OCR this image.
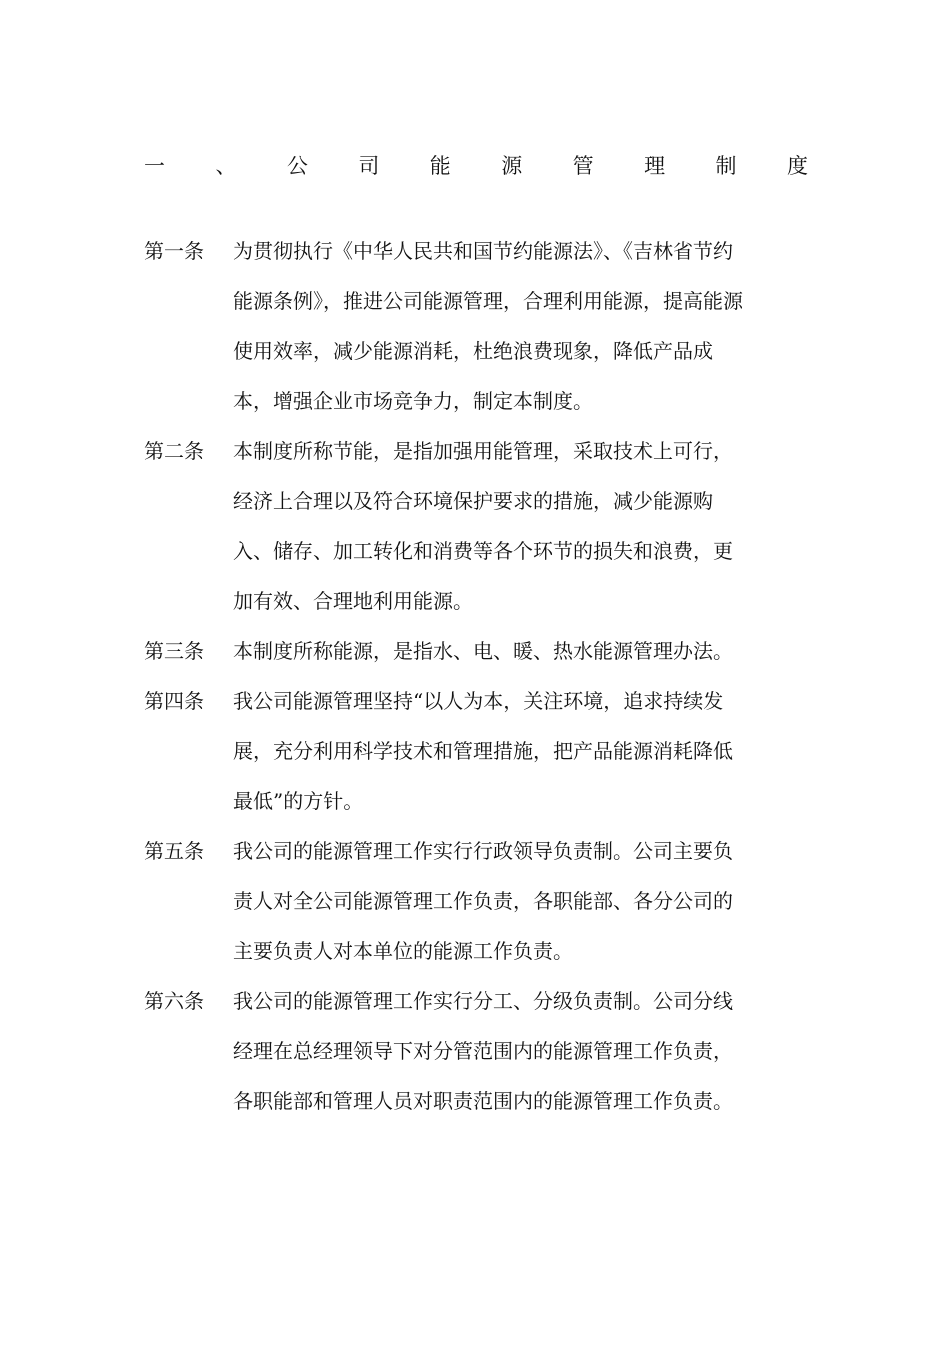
一 、 公 司 能 源 管 理 制 度
第一条 为贯彻执行《中华人民共和国节约能源法》、《吉林省节约
能源条例》，推进公司能源管理，合理利用能源，提高能源
使用效率，减少能源消耗，杜绝浪费现象，降低产品成
本，增强企业市场竞争力，制定本制度。
第二条 本制度所称节能，是指加强用能管理，采取技术上可行，
经济上合理以及符合环境保护要求的措施，减少能源购
入、储存、加工转化和消费等各个环节的损失和浪费，更
加有效、合理地利用能源。
第三条 本制度所称能源，是指水、电、暖、热水能源管理办法。
第四条 我公司能源管理坚持“以人为本，关注环境，追求持续发
展，充分利用科学技术和管理措施，把产品能源消耗降低
最低”的方针。
第五条 我公司的能源管理工作实行行政领导负责制。公司主要负
责人对全公司能源管理工作负责，各职能部、各分公司的
主要负责人对本单位的能源工作负责。
第六条 我公司的能源管理工作实行分工、分级负责制。公司分线
经理在总经理领导下对分管范围内的能源管理工作负责，
各职能部和管理人员对职责范围内的能源管理工作负责。
